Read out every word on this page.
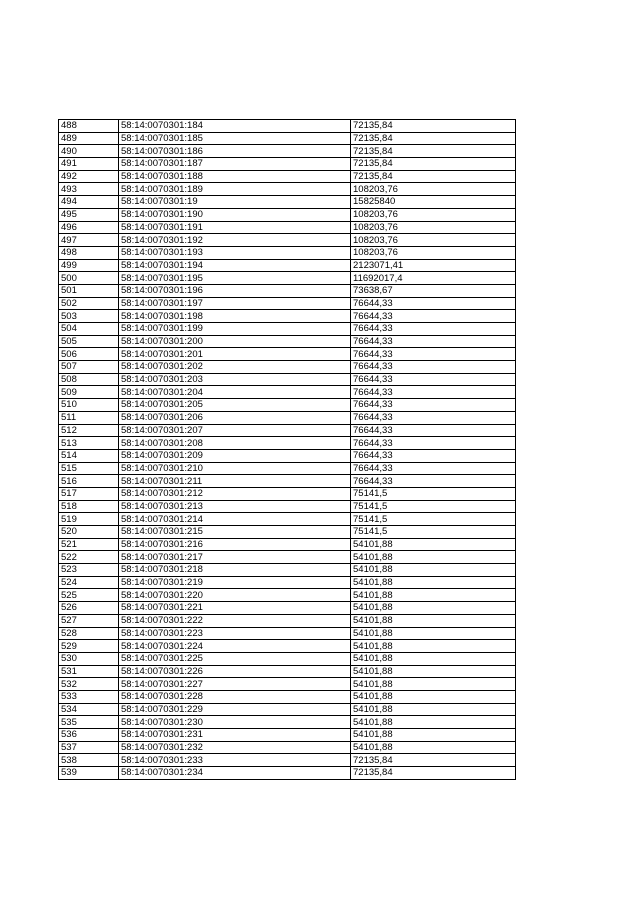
488	58:14:0070301:184	72135,84
489	58:14:0070301:185	72135,84
490	58:14:0070301:186	72135,84
491	58:14:0070301:187	72135,84
492	58:14:0070301:188	72135,84
493	58:14:0070301:189	108203,76
494	58:14:0070301:19	15825840
495	58:14:0070301:190	108203,76
496	58:14:0070301:191	108203,76
497	58:14:0070301:192	108203,76
498	58:14:0070301:193	108203,76
499	58:14:0070301:194	2123071,41
500	58:14:0070301:195	11692017,4
501	58:14:0070301:196	73638,67
502	58:14:0070301:197	76644,33
503	58:14:0070301:198	76644,33
504	58:14:0070301:199	76644,33
505	58:14:0070301:200	76644,33
506	58:14:0070301:201	76644,33
507	58:14:0070301:202	76644,33
508	58:14:0070301:203	76644,33
509	58:14:0070301:204	76644,33
510	58:14:0070301:205	76644,33
511	58:14:0070301:206	76644,33
512	58:14:0070301:207	76644,33
513	58:14:0070301:208	76644,33
514	58:14:0070301:209	76644,33
515	58:14:0070301:210	76644,33
516	58:14:0070301:211	76644,33
517	58:14:0070301:212	75141,5
518	58:14:0070301:213	75141,5
519	58:14:0070301:214	75141,5
520	58:14:0070301:215	75141,5
521	58:14:0070301:216	54101,88
522	58:14:0070301:217	54101,88
523	58:14:0070301:218	54101,88
524	58:14:0070301:219	54101,88
525	58:14:0070301:220	54101,88
526	58:14:0070301:221	54101,88
527	58:14:0070301:222	54101,88
528	58:14:0070301:223	54101,88
529	58:14:0070301:224	54101,88
530	58:14:0070301:225	54101,88
531	58:14:0070301:226	54101,88
532	58:14:0070301:227	54101,88
533	58:14:0070301:228	54101,88
534	58:14:0070301:229	54101,88
535	58:14:0070301:230	54101,88
536	58:14:0070301:231	54101,88
537	58:14:0070301:232	54101,88
538	58:14:0070301:233	72135,84
539	58:14:0070301:234	72135,84
